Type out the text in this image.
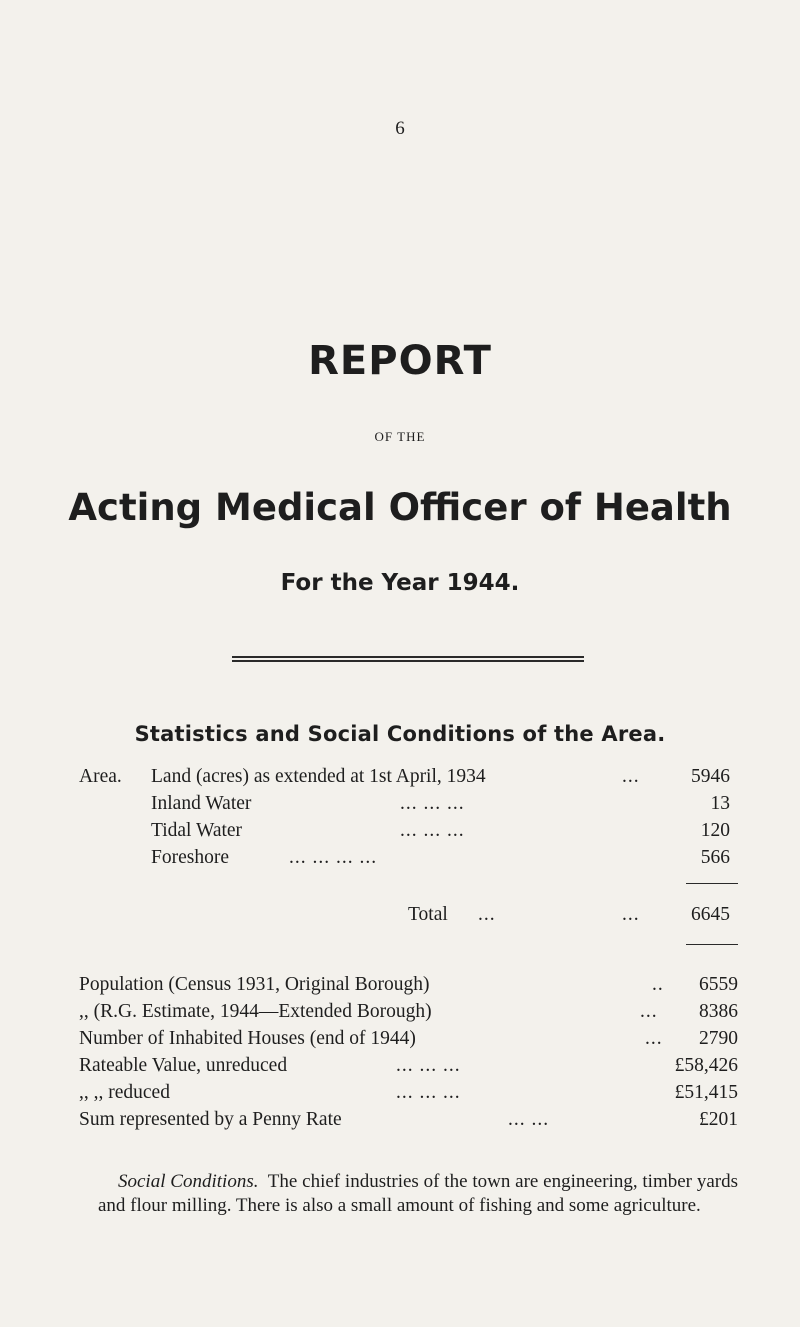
6
REPORT
OF THE
Acting Medical Officer of Health
For the Year 1944.
Statistics and Social Conditions of the Area.
Area. Land (acres) as extended at 1st April, 1934	...	5946
Inland Water	... ... ...	13
Tidal Water	... ... ...	120
Foreshore	... ... ... ...	566
Total ...	...	6645
Population (Census 1931, Original Borough)	..	6559
,, (R.G. Estimate, 1944—Extended Borough)	...	8386
Number of Inhabited Houses (end of 1944)	...	2790
Rateable Value, unreduced	... ... ...	£58,426
,, ,, reduced	... ... ...	£51,415
Sum represented by a Penny Rate	... ...	£201
Social Conditions. The chief industries of the town are engineering, timber yards and flour milling. There is also a small amount of fishing and some agriculture.
